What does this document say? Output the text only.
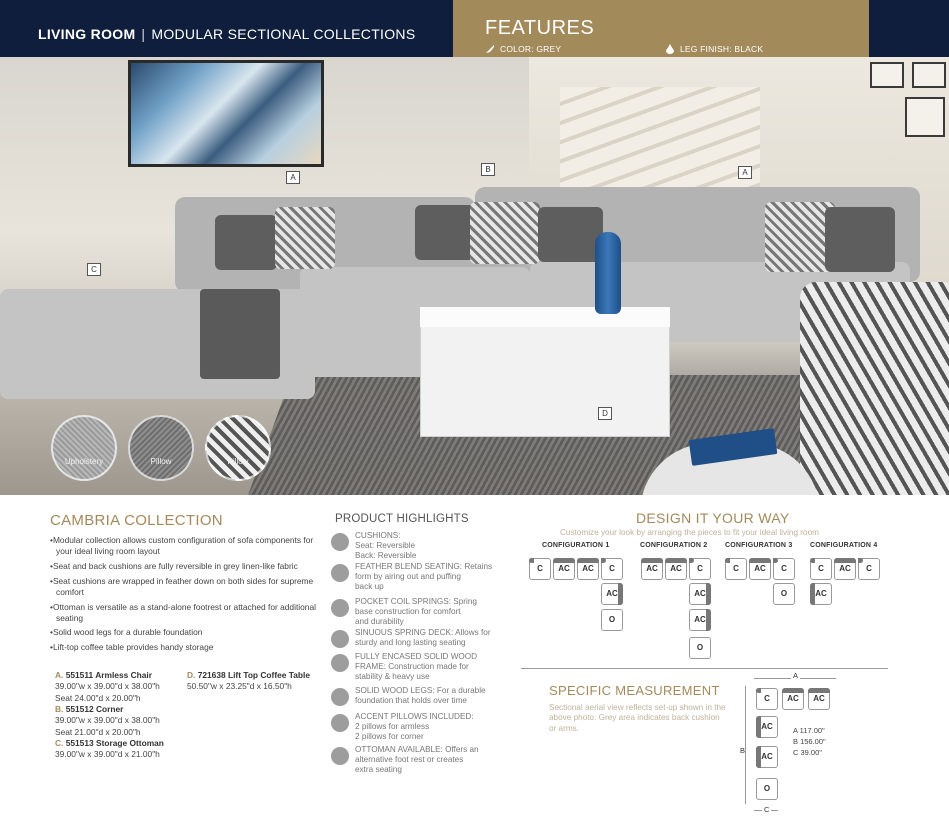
LIVING ROOM | MODULAR SECTIONAL COLLECTIONS	FEATURES
COLOR: GREY	LEG FINISH: BLACK
A
B	A
C
D
Upholstery	Pillow	Pillow
CAMBRIA COLLECTION
• Modular collection allows custom configuration of sofa components for your ideal living room layout
• Seat and back cushions are fully reversible in grey linen-like fabric
• Seat cushions are wrapped in feather down on both sides for supreme comfort
• Ottoman is versatile as a stand-alone footrest or attached for additional seating
• Solid wood legs for a durable foundation
• Lift-top coffee table provides handy storage
A. 551511 Armless Chair
39.00"w x 39.00"d x 38.00"h
Seat 24.00"d x 20.00"h
B. 551512 Corner
39.00"w x 39.00"d x 38.00"h
Seat 21.00"d x 20.00"h
C. 551513 Storage Ottoman
39.00"w x 39.00"d x 21.00"h
D. 721638 Lift Top Coffee Table
50.50"w x 23.25"d x 16.50"h
PRODUCT HIGHLIGHTS
CUSHIONS:
Seat: Reversible
Back: Reversible
FEATHER BLEND SEATING: Retains
form by airing out and puffing
back up
POCKET COIL SPRINGS: Spring
base construction for comfort
and durability
SINUOUS SPRING DECK: Allows for
sturdy and long lasting seating
FULLY ENCASED SOLID WOOD
FRAME: Construction made for
stability & heavy use
SOLID WOOD LEGS: For a durable
foundation that holds over time
ACCENT PILLOWS INCLUDED:
2 pillows for armless
2 pillows for corner
OTTOMAN AVAILABLE: Offers an
alternative foot rest or creates
extra seating
DESIGN IT YOUR WAY
Customize your look by arranging the pieces to fit your ideal living room
CONFIGURATION 1	CONFIGURATION 2	CONFIGURATION 3	CONFIGURATION 4
C	AC	AC	C
AC
O
AC	AC	C
AC
AC
O
C	AC	C
O
C	AC	C
AC
SPECIFIC MEASUREMENT
Sectional aerial view reflects set-up shown in the above photo. Grey area indicates back cushion or arms.
A
B
C
C	AC	AC
AC
AC
O
A 117.00"
B 156.00"
C 39.00"
